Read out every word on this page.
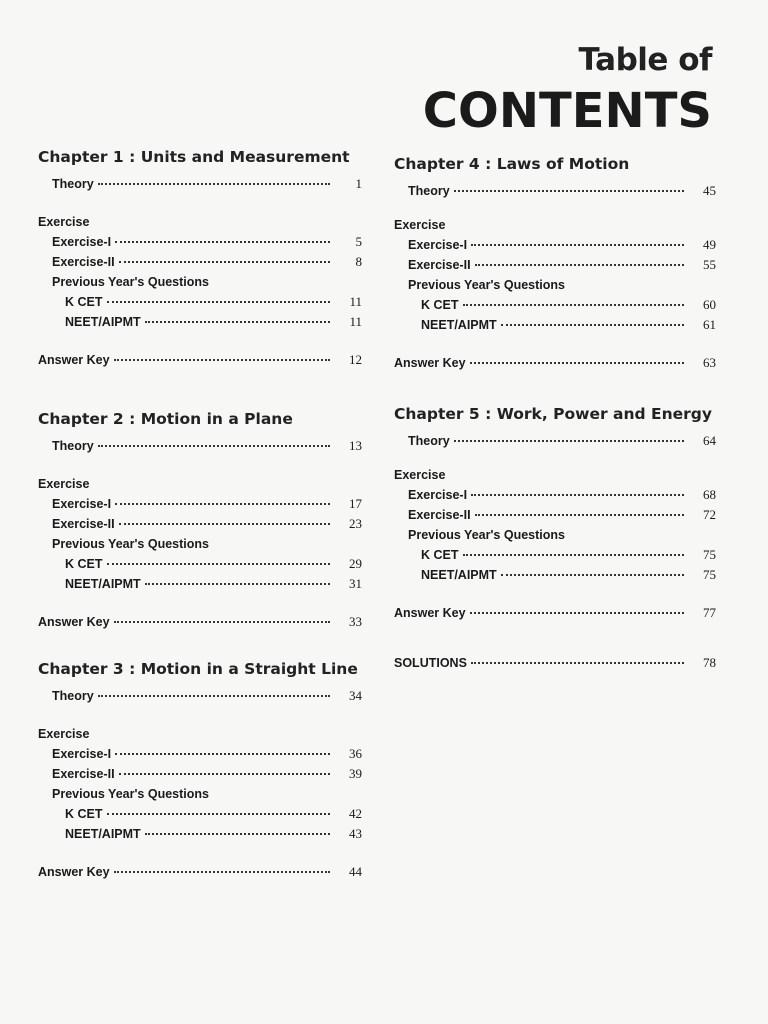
Table of
CONTENTS
Chapter 1 : Units and Measurement
Theory	1
Exercise
Exercise-I	5
Exercise-II	8
Previous Year's Questions
K CET	11
NEET/AIPMT	11
Answer Key	12
Chapter 2 : Motion in a Plane
Theory	13
Exercise
Exercise-I	17
Exercise-II	23
Previous Year's Questions
K CET	29
NEET/AIPMT	31
Answer Key	33
Chapter 3 : Motion in a Straight Line
Theory	34
Exercise
Exercise-I	36
Exercise-II	39
Previous Year's Questions
K CET	42
NEET/AIPMT	43
Answer Key	44
Chapter 4 : Laws of Motion
Theory	45
Exercise
Exercise-I	49
Exercise-II	55
Previous Year's Questions
K CET	60
NEET/AIPMT	61
Answer Key	63
Chapter 5 : Work, Power and Energy
Theory	64
Exercise
Exercise-I	68
Exercise-II	72
Previous Year's Questions
K CET	75
NEET/AIPMT	75
Answer Key	77
SOLUTIONS	78
